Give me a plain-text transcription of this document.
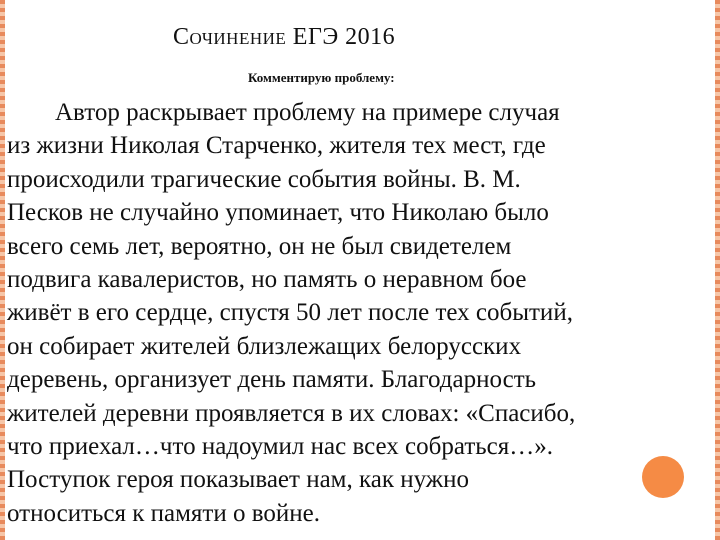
Сочинение ЕГЭ 2016
Комментирую проблему:
Автор раскрывает проблему на примере случая
из жизни Николая Старченко, жителя тех мест, где
происходили трагические события войны. В. М.
Песков не случайно упоминает, что Николаю было
всего семь лет, вероятно, он не был свидетелем
подвига кавалеристов, но память о неравном бое
живёт в его сердце, спустя 50 лет после тех событий,
он собирает жителей близлежащих белорусских
деревень, организует день памяти. Благодарность
жителей деревни проявляется в их словах: «Спасибо,
что приехал…что надоумил нас всех собраться…».
Поступок героя показывает нам, как нужно
относиться к памяти о войне.
